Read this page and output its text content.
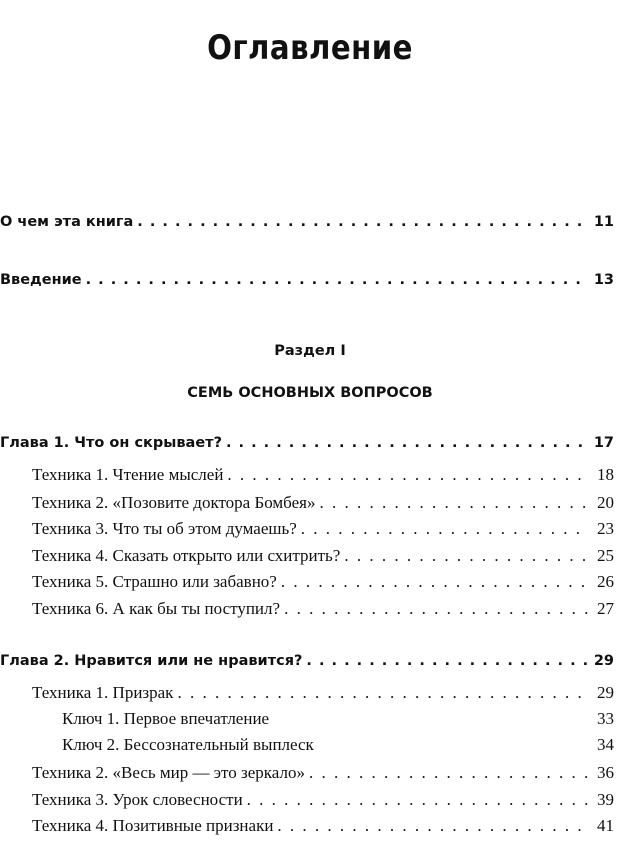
Оглавление
О чем эта книга . . .	11
Введение . . .	13
Раздел I
СЕМЬ ОСНОВНЫХ ВОПРОСОВ
Глава 1. Что он скрывает? . . .	17
Техника 1. Чтение мыслей . . .	18
Техника 2. «Позовите доктора Бомбея» . . .	20
Техника 3. Что ты об этом думаешь? . . .	23
Техника 4. Сказать открыто или схитрить? . . .	25
Техника 5. Страшно или забавно? . . .	26
Техника 6. А как бы ты поступил? . . .	27
Глава 2. Нравится или не нравится? . . .	29
Техника 1. Призрак . . .	29
Ключ 1. Первое впечатление	33
Ключ 2. Бессознательный выплеск	34
Техника 2. «Весь мир — это зеркало» . . .	36
Техника 3. Урок словесности . . .	39
Техника 4. Позитивные признаки . . .	41
